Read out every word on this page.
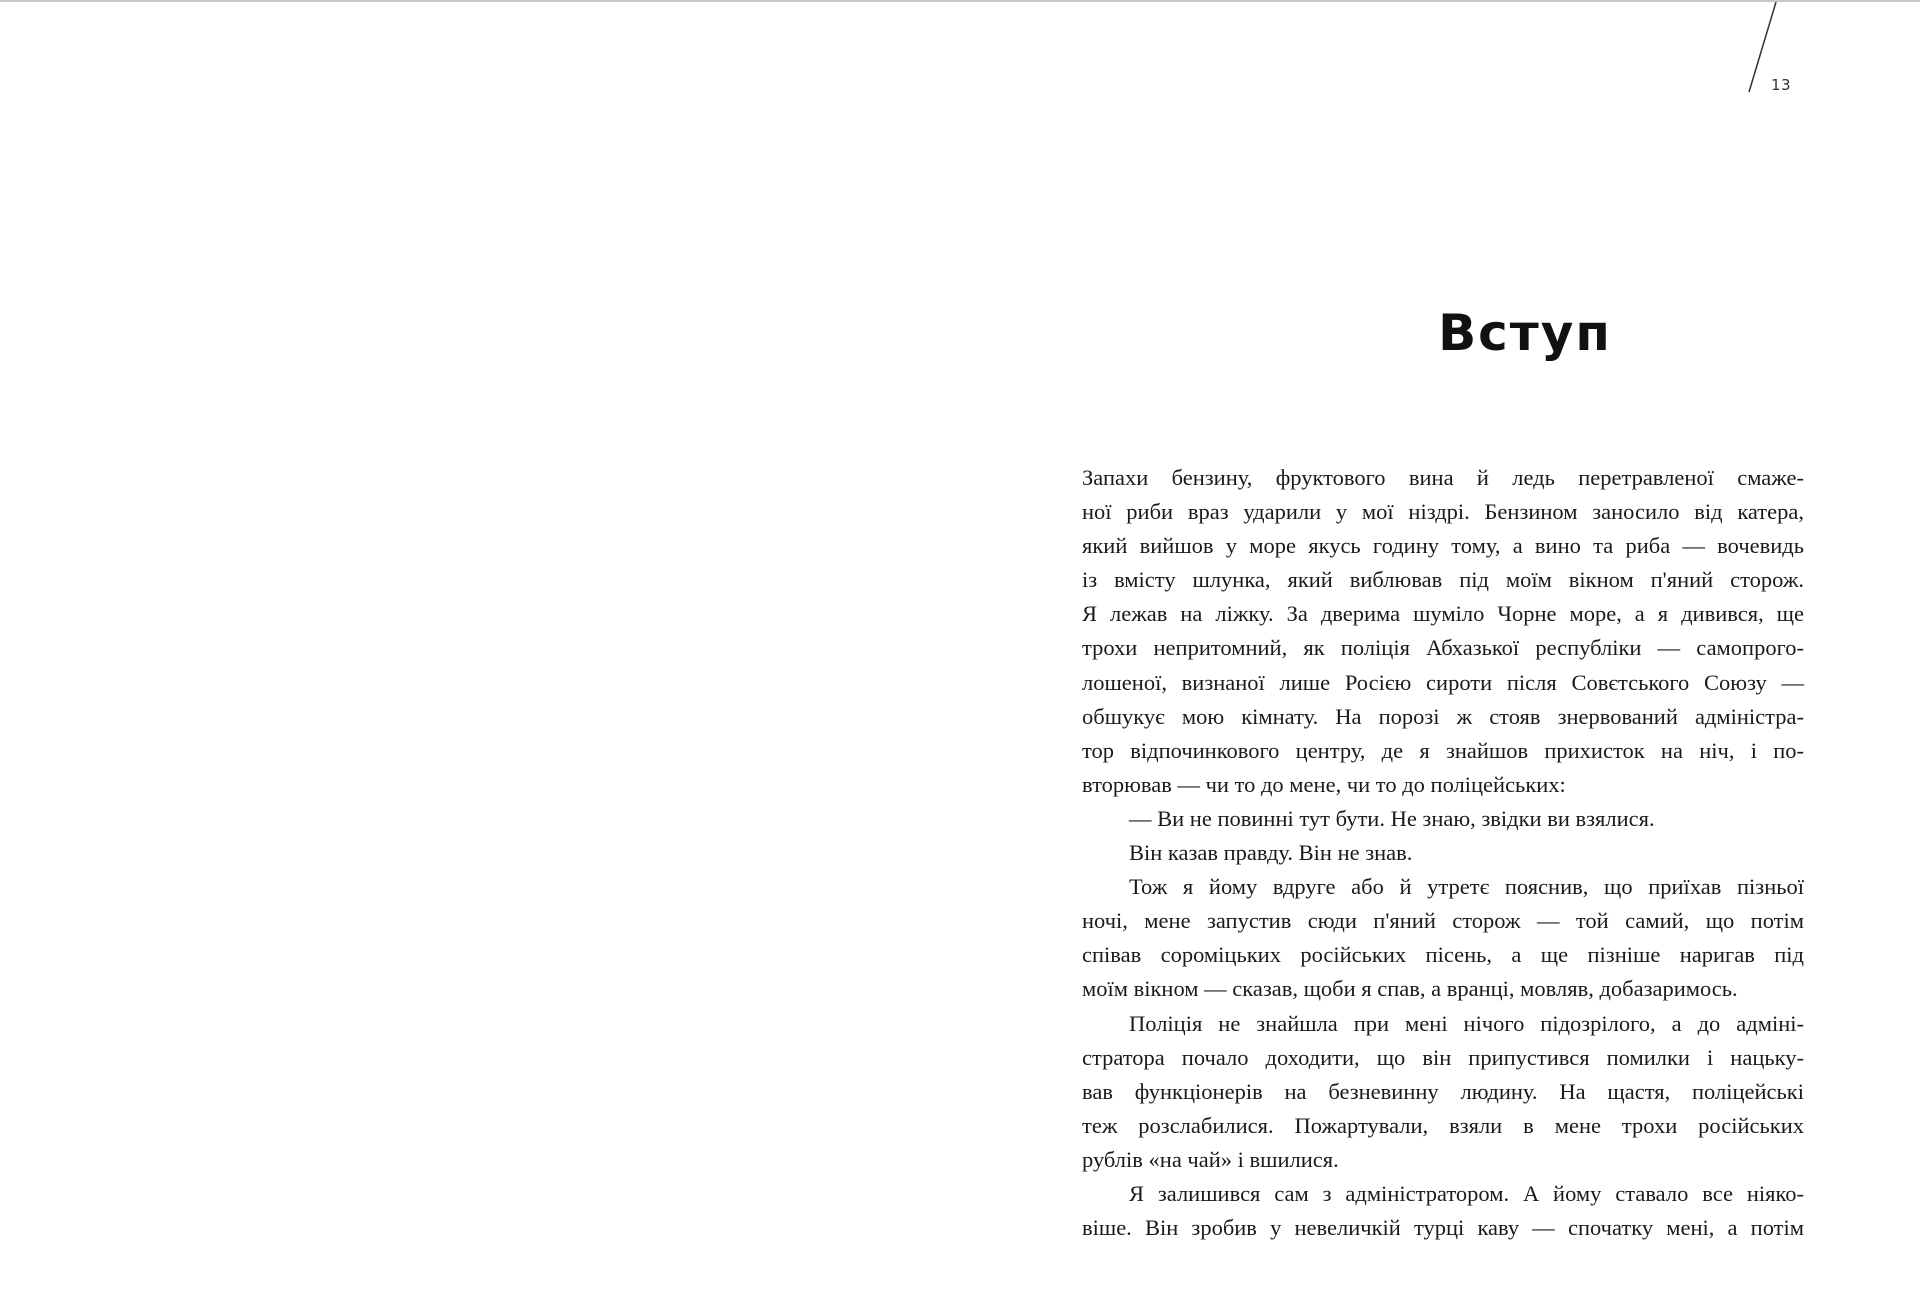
13
Вступ
Запахи бензину, фруктового вина й ледь перетравленої смаже-
ної риби враз ударили у мої ніздрі. Бензином заносило від катера,
який вийшов у море якусь годину тому, а вино та риба — вочевидь
із вмісту шлунка, який виблював під моїм вікном п'яний сторож.
Я лежав на ліжку. За дверима шуміло Чорне море, а я дивився, ще
трохи непритомний, як поліція Абхазької республіки — самопрого-
лошеної, визнаної лише Росією сироти після Совєтського Союзу —
обшукує мою кімнату. На порозі ж стояв знервований адміністра-
тор відпочинкового центру, де я знайшов прихисток на ніч, і по-
вторював — чи то до мене, чи то до поліцейських:
— Ви не повинні тут бути. Не знаю, звідки ви взялися.
Він казав правду. Він не знав.
Тож я йому вдруге або й утретє пояснив, що приїхав пізньої
ночі, мене запустив сюди п'яний сторож — той самий, що потім
співав сороміцьких російських пісень, а ще пізніше наригав під
моїм вікном — сказав, щоби я спав, а вранці, мовляв, добазаримось.
Поліція не знайшла при мені нічого підозрілого, а до адміні-
стратора почало доходити, що він припустився помилки і нацьку-
вав функціонерів на безневинну людину. На щастя, поліцейські
теж розслабилися. Пожартували, взяли в мене трохи російських
рублів «на чай» і вшилися.
Я залишився сам з адміністратором. А йому ставало все ніяко-
віше. Він зробив у невеличкій турці каву — спочатку мені, а потім
